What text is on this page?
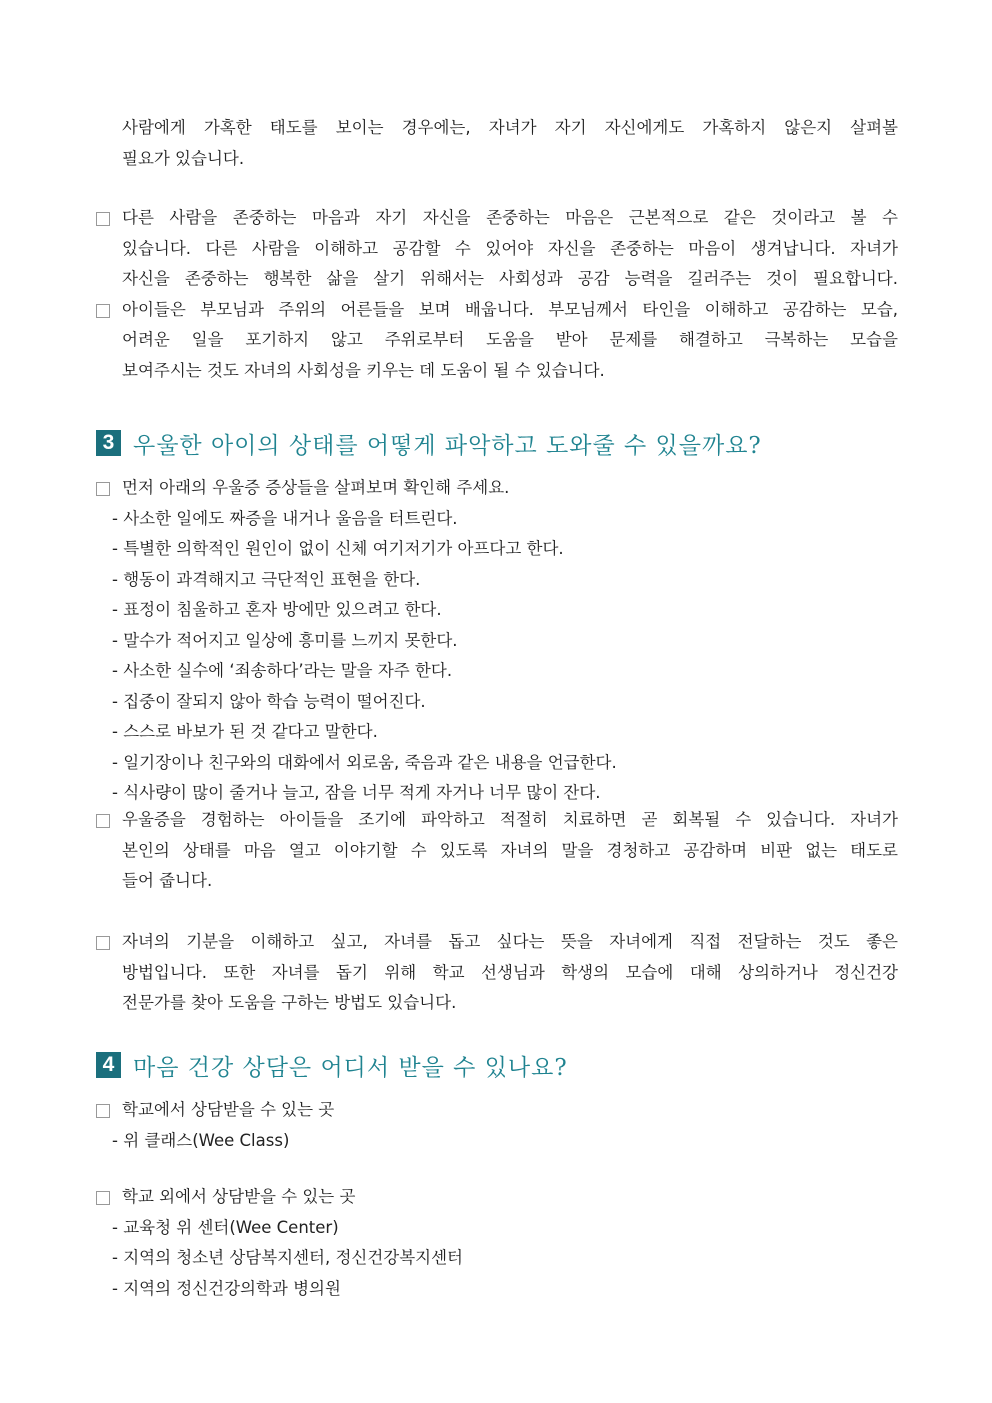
사람에게 가혹한 태도를 보이는 경우에는, 자녀가 자기 자신에게도 가혹하지 않은지 살펴볼
필요가 있습니다.
다른 사람을 존중하는 마음과 자기 자신을 존중하는 마음은 근본적으로 같은 것이라고 볼 수
있습니다. 다른 사람을 이해하고 공감할 수 있어야 자신을 존중하는 마음이 생겨납니다. 자녀가
자신을 존중하는 행복한 삶을 살기 위해서는 사회성과 공감 능력을 길러주는 것이 필요합니다.
아이들은 부모님과 주위의 어른들을 보며 배웁니다. 부모님께서 타인을 이해하고 공감하는 모습,
어려운 일을 포기하지 않고 주위로부터 도움을 받아 문제를 해결하고 극복하는 모습을
보여주시는 것도 자녀의 사회성을 키우는 데 도움이 될 수 있습니다.
3 우울한 아이의 상태를 어떻게 파악하고 도와줄 수 있을까요?
먼저 아래의 우울증 증상들을 살펴보며 확인해 주세요.
- 사소한 일에도 짜증을 내거나 울음을 터트린다.
- 특별한 의학적인 원인이 없이 신체 여기저기가 아프다고 한다.
- 행동이 과격해지고 극단적인 표현을 한다.
- 표정이 침울하고 혼자 방에만 있으려고 한다.
- 말수가 적어지고 일상에 흥미를 느끼지 못한다.
- 사소한 실수에 ‘죄송하다’라는 말을 자주 한다.
- 집중이 잘되지 않아 학습 능력이 떨어진다.
- 스스로 바보가 된 것 같다고 말한다.
- 일기장이나 친구와의 대화에서 외로움, 죽음과 같은 내용을 언급한다.
- 식사량이 많이 줄거나 늘고, 잠을 너무 적게 자거나 너무 많이 잔다.
우울증을 경험하는 아이들을 조기에 파악하고 적절히 치료하면 곧 회복될 수 있습니다. 자녀가
본인의 상태를 마음 열고 이야기할 수 있도록 자녀의 말을 경청하고 공감하며 비판 없는 태도로
들어 줍니다.
자녀의 기분을 이해하고 싶고, 자녀를 돕고 싶다는 뜻을 자녀에게 직접 전달하는 것도 좋은
방법입니다. 또한 자녀를 돕기 위해 학교 선생님과 학생의 모습에 대해 상의하거나 정신건강
전문가를 찾아 도움을 구하는 방법도 있습니다.
4 마음 건강 상담은 어디서 받을 수 있나요?
학교에서 상담받을 수 있는 곳
- 위 클래스(Wee Class)
학교 외에서 상담받을 수 있는 곳
- 교육청 위 센터(Wee Center)
- 지역의 청소년 상담복지센터, 정신건강복지센터
- 지역의 정신건강의학과 병의원
